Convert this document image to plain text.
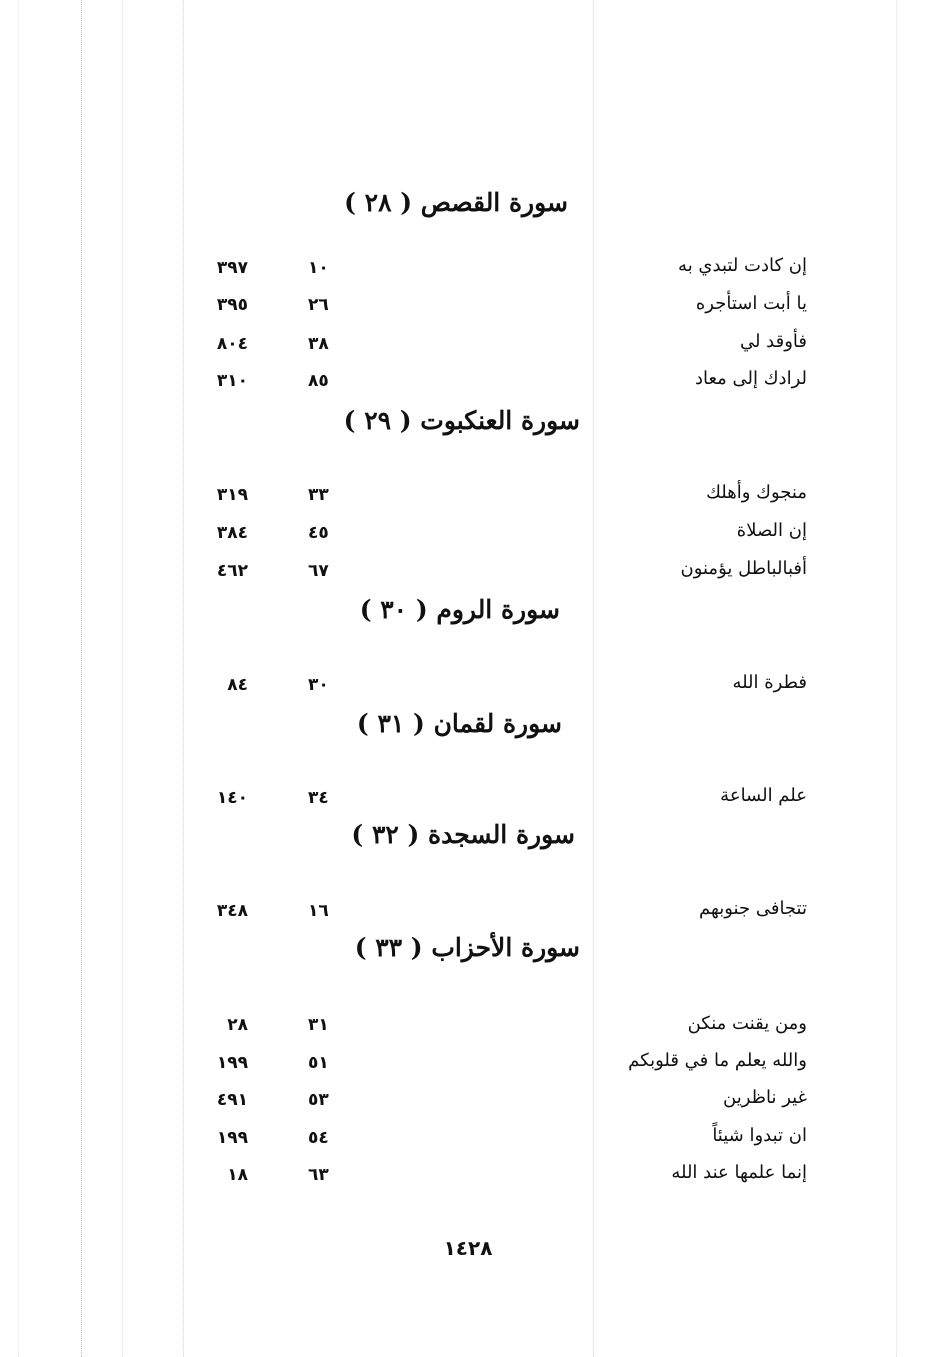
سورة القصص ( ٢٨ )
إن كادت لتبدي به
١٠
٣٩٧
يا أبت استأجره
٢٦
٣٩٥
فأوقد لي
٣٨
٨٠٤
لرادك إلى معاد
٨٥
٣١٠
سورة العنكبوت ( ٢٩ )
منجوك وأهلك
٣٣
٣١٩
إن الصلاة
٤٥
٣٨٤
أفبالباطل يؤمنون
٦٧
٤٦٢
سورة الروم ( ٣٠ )
فطرة الله
٣٠
٨٤
سورة لقمان ( ٣١ )
علم الساعة
٣٤
١٤٠
سورة السجدة ( ٣٢ )
تتجافى جنوبهم
١٦
٣٤٨
سورة الأحزاب ( ٣٣ )
ومن يقنت منكن
٣١
٢٨
والله يعلم ما في قلوبكم
٥١
١٩٩
غير ناظرين
٥٣
٤٩١
ان تبدوا شيئاً
٥٤
١٩٩
إنما علمها عند الله
٦٣
١٨
١٤٢٨
